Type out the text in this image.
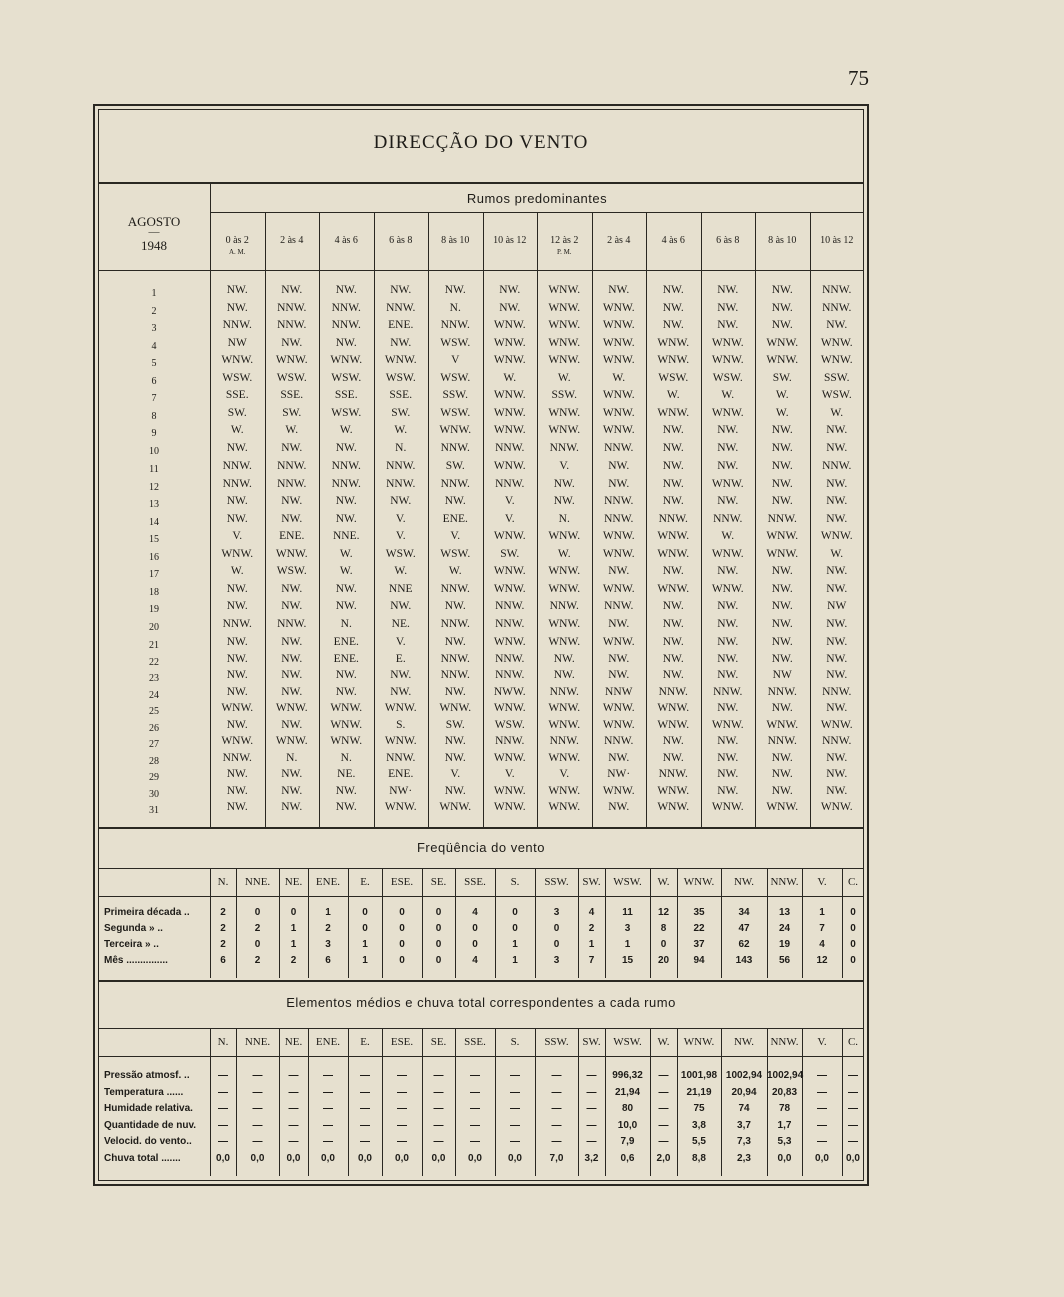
75
DIRECÇÃO DO VENTO
AGOSTO
—
1948
Rumos predominantes
0 às 2
A. M.
2 às 4	4 às 6	6 às 8	8 às 10	10 às 12	12 às 2
P. M.
2 às 4	4 às 6	6 às 8	8 às 10	10 às 12
1	NW.	NW.	NW.	NW.	NW.	NW.	WNW.	NW.	NW.	NW.	NW.	NNW.
2	NW.	NNW.	NNW.	NNW.	N.	NW.	WNW.	WNW.	NW.	NW.	NW.	NNW.
3	NNW.	NNW.	NNW.	ENE.	NNW.	WNW.	WNW.	WNW.	NW.	NW.	NW.	NW.
4	NW	NW.	NW.	NW.	WSW.	WNW.	WNW.	WNW.	WNW.	WNW.	WNW.	WNW.
5	WNW.	WNW.	WNW.	WNW.	V	WNW.	WNW.	WNW.	WNW.	WNW.	WNW.	WNW.
6	WSW.	WSW.	WSW.	WSW.	WSW.	W.	W.	W.	WSW.	WSW.	SW.	SSW.
7	SSE.	SSE.	SSE.	SSE.	SSW.	WNW.	SSW.	WNW.	W.	W.	W.	WSW.
8	SW.	SW.	WSW.	SW.	WSW.	WNW.	WNW.	WNW.	WNW.	WNW.	W.	W.
9	W.	W.	W.	W.	WNW.	WNW.	WNW.	WNW.	NW.	NW.	NW.	NW.
10	NW.	NW.	NW.	N.	NNW.	NNW.	NNW.	NNW.	NW.	NW.	NW.	NW.
11	NNW.	NNW.	NNW.	NNW.	SW.	WNW.	V.	NW.	NW.	NW.	NW.	NNW.
12	NNW.	NNW.	NNW.	NNW.	NNW.	NNW.	NW.	NW.	NW.	WNW.	NW.	NW.
13	NW.	NW.	NW.	NW.	NW.	V.	NW.	NNW.	NW.	NW.	NW.	NW.
14	NW.	NW.	NW.	V.	ENE.	V.	N.	NNW.	NNW.	NNW.	NNW.	NW.
15	V.	ENE.	NNE.	V.	V.	WNW.	WNW.	WNW.	WNW.	W.	WNW.	WNW.
16	WNW.	WNW.	W.	WSW.	WSW.	SW.	W.	WNW.	WNW.	WNW.	WNW.	W.
17	W.	WSW.	W.	W.	W.	WNW.	WNW.	NW.	NW.	NW.	NW.	NW.
18	NW.	NW.	NW.	NNE	NNW.	WNW.	WNW.	WNW.	WNW.	WNW.	NW.	NW.
19	NW.	NW.	NW.	NW.	NW.	NNW.	NNW.	NNW.	NW.	NW.	NW.	NW
20	NNW.	NNW.	N.	NE.	NNW.	NNW.	WNW.	NW.	NW.	NW.	NW.	NW.
21	NW.	NW.	ENE.	V.	NW.	WNW.	WNW.	WNW.	NW.	NW.	NW.	NW.
22	NW.	NW.	ENE.	E.	NNW.	NNW.	NW.	NW.	NW.	NW.	NW.	NW.
23	NW.	NW.	NW.	NW.	NNW.	NNW.	NW.	NW.	NW.	NW.	NW	NW.
24	NW.	NW.	NW.	NW.	NW.	NWW.	NNW.	NNW	NNW.	NNW.	NNW.	NNW.
25	WNW.	WNW.	WNW.	WNW.	WNW.	WNW.	WNW.	WNW.	WNW.	NW.	NW.	NW.
26	NW.	NW.	WNW.	S.	SW.	WSW.	WNW.	WNW.	WNW.	WNW.	WNW.	WNW.
27	WNW.	WNW.	WNW.	WNW.	NW.	NNW.	NNW.	NNW.	NW.	NW.	NNW.	NNW.
28	NNW.	N.	N.	NNW.	NW.	WNW.	WNW.	NW.	NW.	NW.	NW.	NW.
29	NW.	NW.	NE.	ENE.	V.	V.	V.	NW·	NNW.	NW.	NW.	NW.
30	NW.	NW.	NW.	NW·	NW.	WNW.	WNW.	WNW.	WNW.	NW.	NW.	NW.
31	NW.	NW.	NW.	WNW.	WNW.	WNW.	WNW.	NW.	WNW.	WNW.	WNW.	WNW.
Freqüência do vento
N.	NNE.	NE.	ENE.	E.	ESE.	SE.	SSE.	S.	SSW.	SW.	WSW.	W.	WNW.	NW.	NNW.	V.	C.
Primeira década ..	2	0	0	1	0	0	0	4	0	3	4	11	12	35	34	13	1	0
Segunda » ..	2	2	1	2	0	0	0	0	0	0	2	3	8	22	47	24	7	0
Terceira » ..	2	0	1	3	1	0	0	0	1	0	1	1	0	37	62	19	4	0
Mês ...............	6	2	2	6	1	0	0	4	1	3	7	15	20	94	143	56	12	0
Elementos médios e chuva total correspondentes a cada rumo
N.	NNE.	NE.	ENE.	E.	ESE.	SE.	SSE.	S.	SSW.	SW.	WSW.	W.	WNW.	NW.	NNW.	V.	C.
Pressão atmosf. ..	—	—	—	—	—	—	—	—	—	—	—	996,32	—	1001,98 1002,94 1002,94	—	—
Temperatura ......	—	—	—	—	—	—	—	—	—	—	—	21,94	—	21,19	20,94	20,83	—	—
Humidade relativa.	—	—	—	—	—	—	—	—	—	—	—	80	—	75	74	78	—	—
Quantidade de nuv.	—	—	—	—	—	—	—	—	—	—	—	10,0	—	3,8	3,7	1,7	—	—
Velocid. do vento..	—	—	—	—	—	—	—	—	—	—	—	7,9	—	5,5	7,3	5,3	—	—
Chuva total .......	0,0	0,0	0,0	0,0	0,0	0,0	0,0	0,0	0,0	7,0	3,2	0,6	2,0	8,8	2,3	0,0	0,0	0,0
